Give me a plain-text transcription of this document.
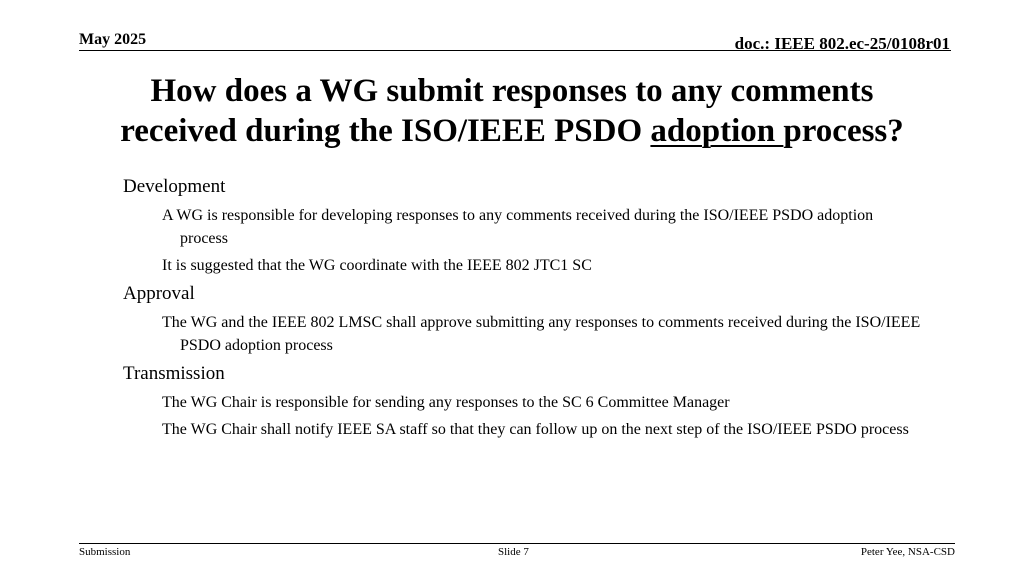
May 2025	doc.: IEEE 802.ec-25/0108r01
How does a WG submit responses to any comments
received during the ISO/IEEE PSDO adoption process?
Development
A WG is responsible for developing responses to any comments received during the ISO/IEEE PSDO adoption process
It is suggested that the WG coordinate with the IEEE 802 JTC1 SC
Approval
The WG and the IEEE 802 LMSC shall approve submitting any responses to comments received during the ISO/IEEE PSDO adoption process
Transmission
The WG Chair is responsible for sending any responses to the SC 6 Committee Manager
The WG Chair shall notify IEEE SA staff so that they can follow up on the next step of the ISO/IEEE PSDO process
Submission	Slide 7	Peter Yee, NSA-CSD
